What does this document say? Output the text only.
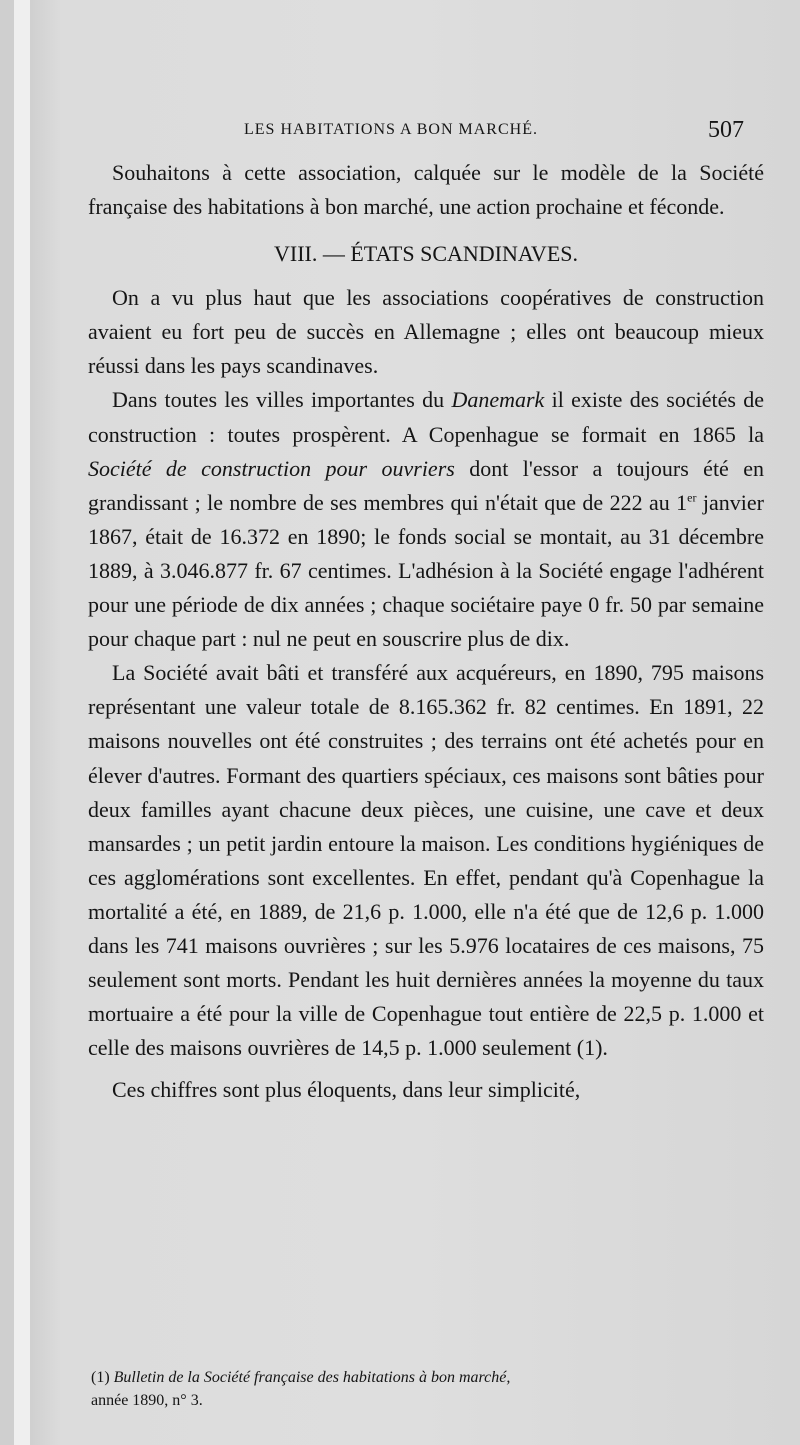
LES HABITATIONS A BON MARCHÉ.	507

Souhaitons à cette association, calquée sur le modèle de la Société française des habitations à bon marché, une action prochaine et féconde.

VIII. — ÉTATS SCANDINAVES.

On a vu plus haut que les associations coopératives de construction avaient eu fort peu de succès en Allemagne ; elles ont beaucoup mieux réussi dans les pays scandinaves.

Dans toutes les villes importantes du Danemark il existe des sociétés de construction : toutes prospèrent. A Copenhague se formait en 1865 la Société de construction pour ouvriers dont l'essor a toujours été en grandissant ; le nombre de ses membres qui n'était que de 222 au 1er janvier 1867, était de 16.372 en 1890; le fonds social se montait, au 31 décembre 1889, à 3.046.877 fr. 67 centimes. L'adhésion à la Société engage l'adhérent pour une période de dix années ; chaque sociétaire paye 0 fr. 50 par semaine pour chaque part : nul ne peut en souscrire plus de dix.

La Société avait bâti et transféré aux acquéreurs, en 1890, 795 maisons représentant une valeur totale de 8.165.362 fr. 82 centimes. En 1891, 22 maisons nouvelles ont été construites ; des terrains ont été achetés pour en élever d'autres. Formant des quartiers spéciaux, ces maisons sont bâties pour deux familles ayant chacune deux pièces, une cuisine, une cave et deux mansardes ; un petit jardin entoure la maison. Les conditions hygiéniques de ces agglomérations sont excellentes. En effet, pendant qu'à Copenhague la mortalité a été, en 1889, de 21,6 p. 1.000, elle n'a été que de 12,6 p. 1.000 dans les 741 maisons ouvrières ; sur les 5.976 locataires de ces maisons, 75 seulement sont morts. Pendant les huit dernières années la moyenne du taux mortuaire a été pour la ville de Copenhague tout entière de 22,5 p. 1.000 et celle des maisons ouvrières de 14,5 p. 1.000 seulement (1).

Ces chiffres sont plus éloquents, dans leur simplicité,

(1) Bulletin de la Société française des habitations à bon marché,
année 1890, n° 3.
